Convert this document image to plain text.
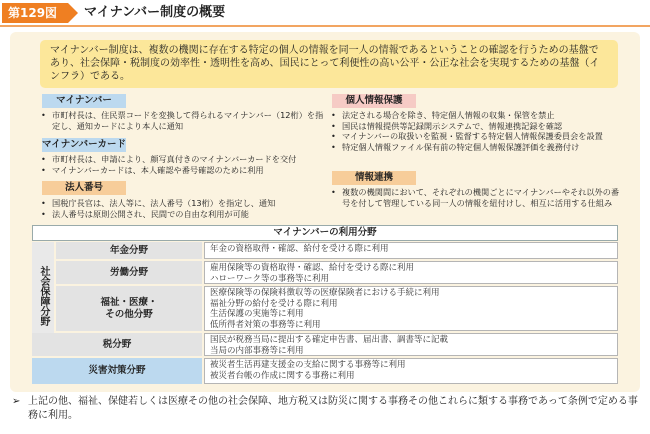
第129図	マイナンバー制度の概要
マイナンバー制度は、複数の機関に存在する特定の個人の情報を同一人の情報であるということの確認を行うための基盤であり、社会保障・税制度の効率性・透明性を高め、国民にとって利便性の高い公平・公正な社会を実現するための基盤（インフラ）である。
マイナンバー
• 市町村長は、住民票コードを変換して得られるマイナンバー（12桁）を指定し、通知カードにより本人に通知
マイナンバーカード
• 市町村長は、申請により、顔写真付きのマイナンバーカードを交付
• マイナンバーカードは、本人確認や番号確認のために利用
法人番号
• 国税庁長官は、法人等に、法人番号（13桁）を指定し、通知
• 法人番号は原則公開され、民間での自由な利用が可能
個人情報保護
• 法定される場合を除き、特定個人情報の収集・保管を禁止
• 国民は情報提供等記録開示システムで、情報連携記録を確認
• マイナンバーの取扱いを監視・監督する特定個人情報保護委員会を設置
• 特定個人情報ファイル保有前の特定個人情報保護評価を義務付け
情報連携
• 複数の機関間において、それぞれの機関ごとにマイナンバーやそれ以外の番号を付して管理している同一人の情報を紐付けし、相互に活用する仕組み
マイナンバーの利用分野
社会保障分野
年金分野	年金の資格取得・確認、給付を受ける際に利用
労働分野	雇用保険等の資格取得・確認、給付を受ける際に利用
ハローワーク等の事務等に利用
福祉・医療・
その他分野
医療保険等の保険料徴収等の医療保険者における手続に利用
福祉分野の給付を受ける際に利用
生活保護の実施等に利用
低所得者対策の事務等に利用
税分野	国民が税務当局に提出する確定申告書、届出書、調書等に記載
当局の内部事務等に利用
災害対策分野	被災者生活再建支援金の支給に関する事務等に利用
被災者台帳の作成に関する事務に利用
➢ 上記の他、福祉、保健若しくは医療その他の社会保障、地方税又は防災に関する事務その他これらに類する事務であって条例で定める事務に利用。
